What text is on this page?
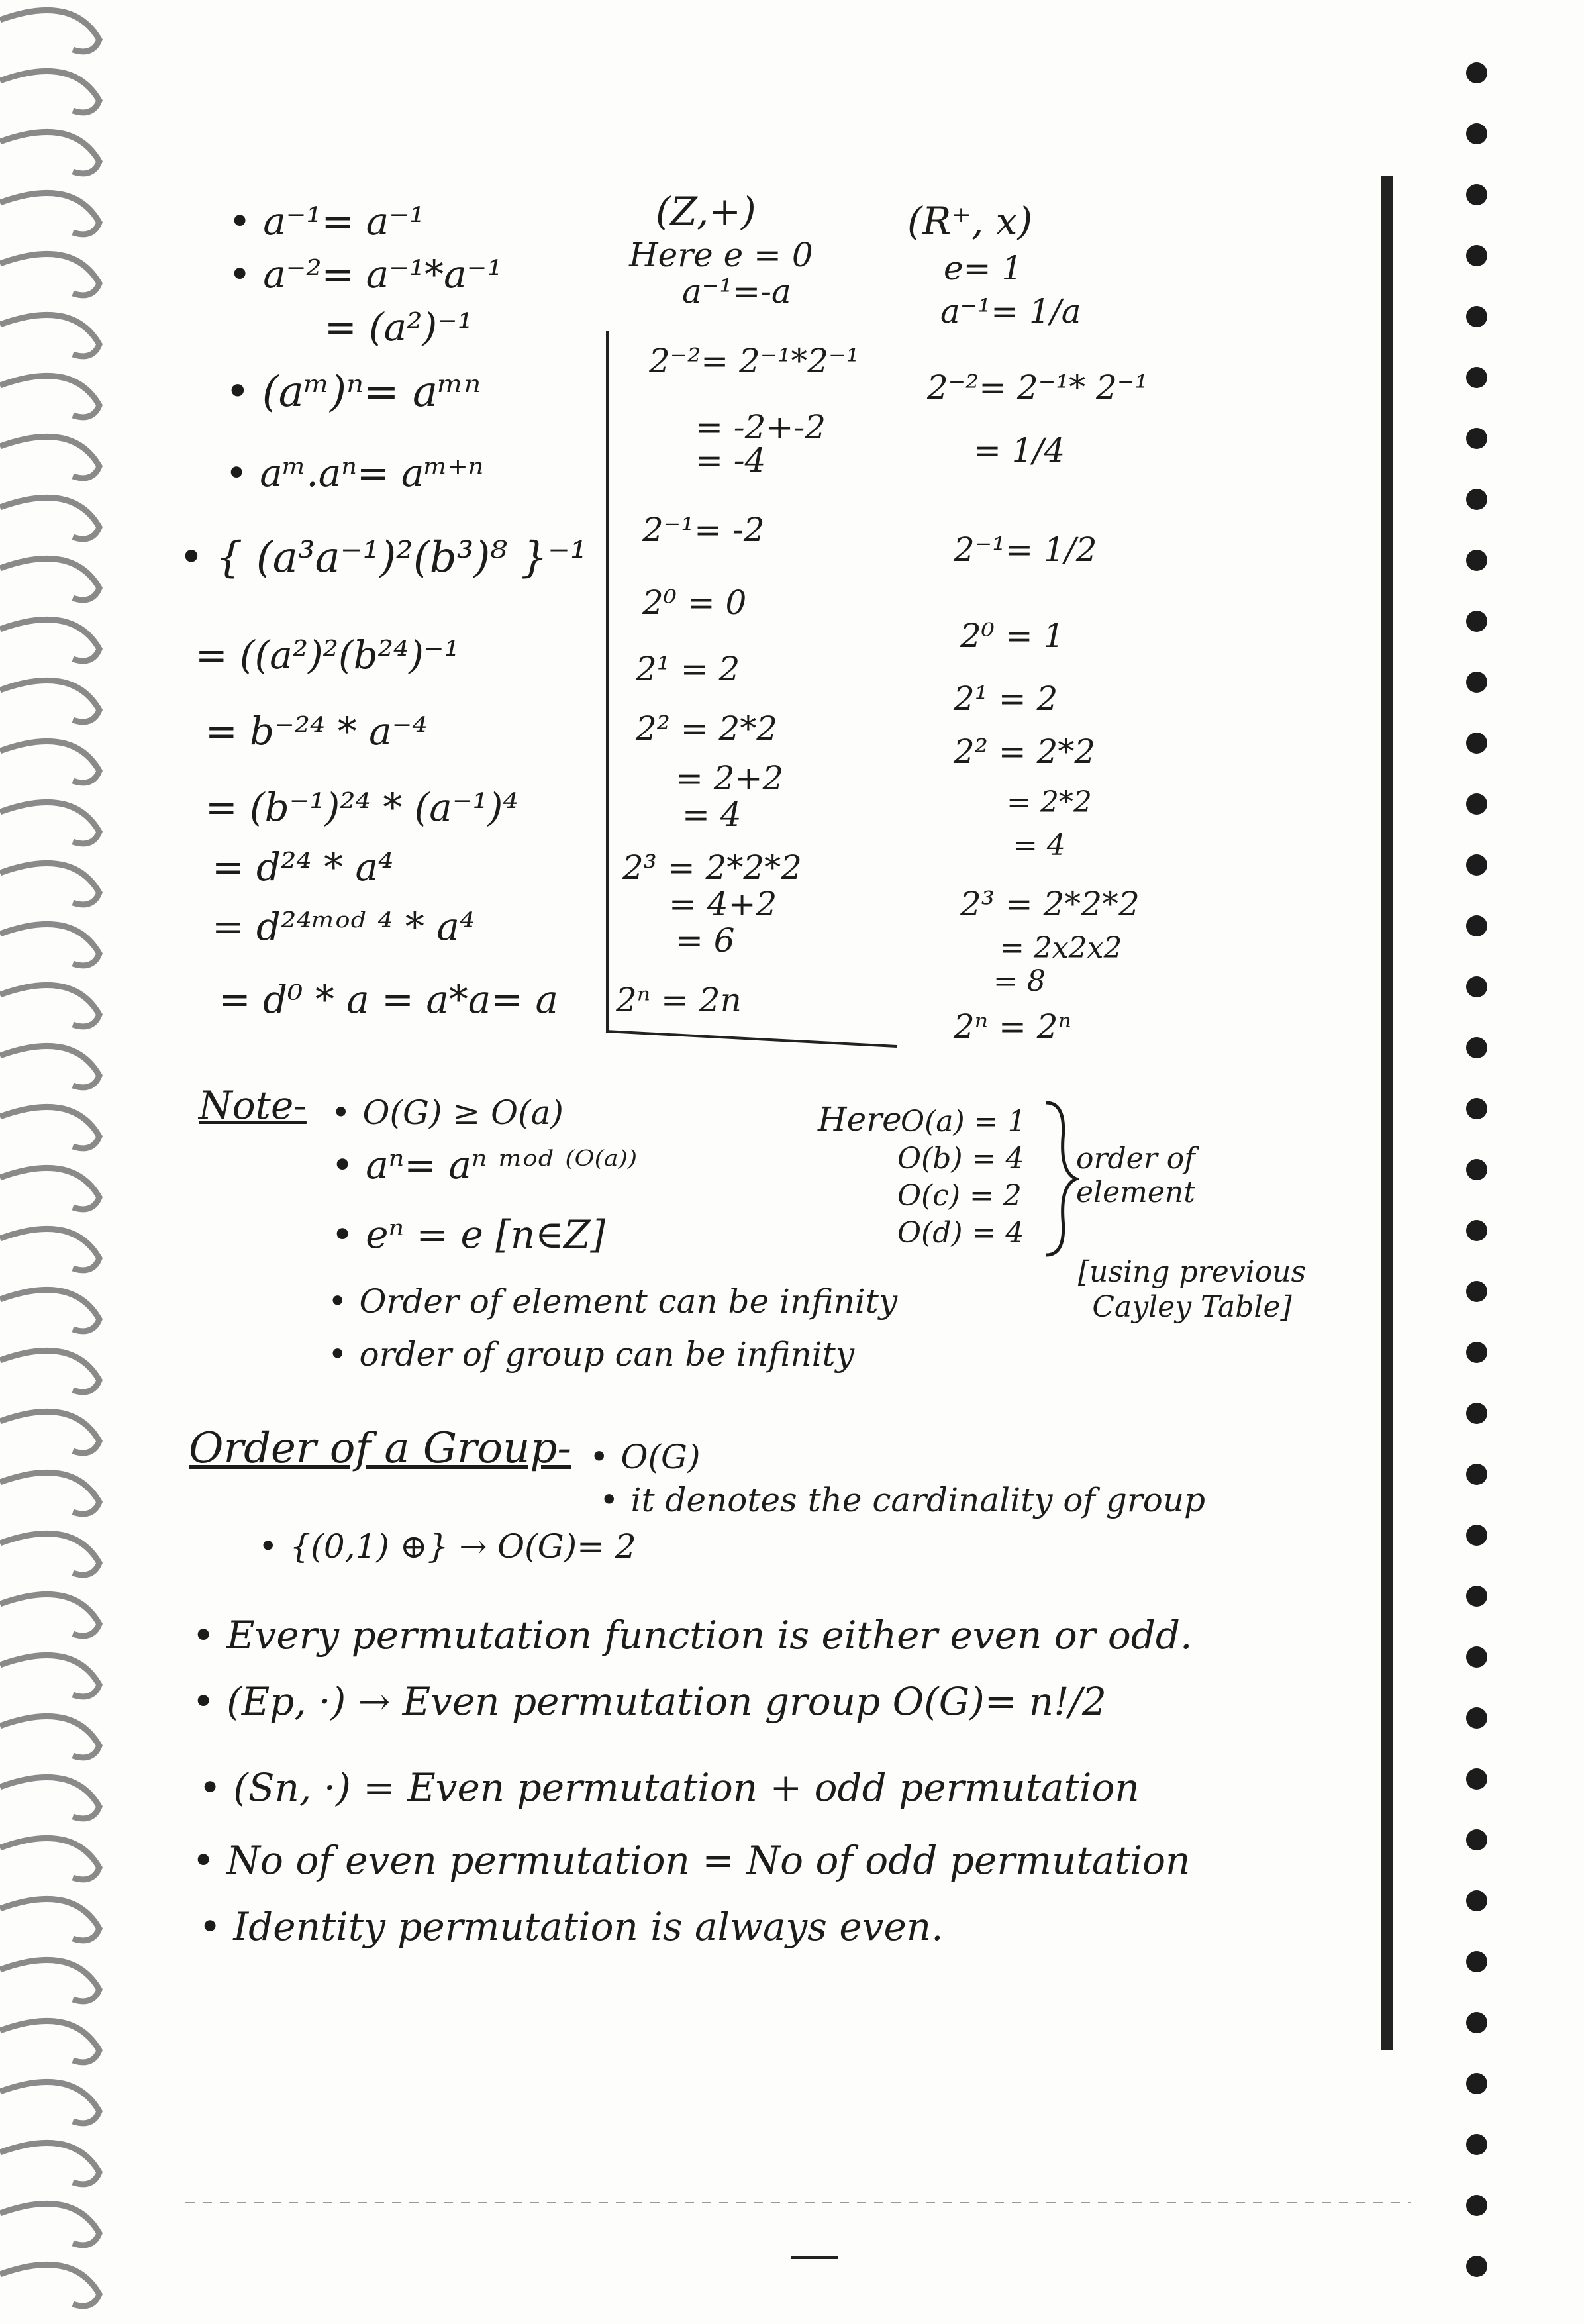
• a⁻¹= a⁻¹
• a⁻²= a⁻¹*a⁻¹
= (a²)⁻¹
• (aᵐ)ⁿ= aᵐⁿ
• aᵐ.aⁿ= aᵐ⁺ⁿ
• { (a³a⁻¹)²(b³)⁸ }⁻¹
= ((a²)²(b²⁴)⁻¹
= b⁻²⁴ * a⁻⁴
= (b⁻¹)²⁴ * (a⁻¹)⁴
= d²⁴ * a⁴
= d²⁴ᵐᵒᵈ ⁴ * a⁴
= d⁰ * a = a*a= a
(Z,+)
Here e = 0
a⁻¹=-a
2⁻²= 2⁻¹*2⁻¹
= -2+-2
= -4
2⁻¹= -2
2⁰ = 0
2¹ = 2
2² = 2*2
= 2+2
= 4
2³ = 2*2*2
= 4+2
= 6
2ⁿ = 2n
(R⁺, x)
e= 1
a⁻¹= 1/a
2⁻²= 2⁻¹* 2⁻¹
= 1/4
2⁻¹= 1/2
2⁰ = 1
2¹ = 2
2² = 2*2
= 2*2
= 4
2³ = 2*2*2
= 2x2x2
= 8
2ⁿ = 2ⁿ
Note-	• O(G) ≥ O(a)
• aⁿ= aⁿ ᵐᵒᵈ ⁽ᴼ⁽ᵃ⁾⁾
• eⁿ = e [n∈Z]
• Order of element can be infinity
• order of group can be infinity
Here
O(a) = 1
O(b) = 4
O(c) = 2
O(d) = 4
order of element
[using previous Cayley Table]
Order of a Group-	• O(G)
• it denotes the cardinality of group
• {(0,1) ⊕} → O(G)= 2
• Every permutation function is either even or odd.
• (Ep, ·) → Even permutation group O(G)= n!/2
• (Sn, ·) = Even permutation + odd permutation
• No of even permutation = No of odd permutation
• Identity permutation is always even.
